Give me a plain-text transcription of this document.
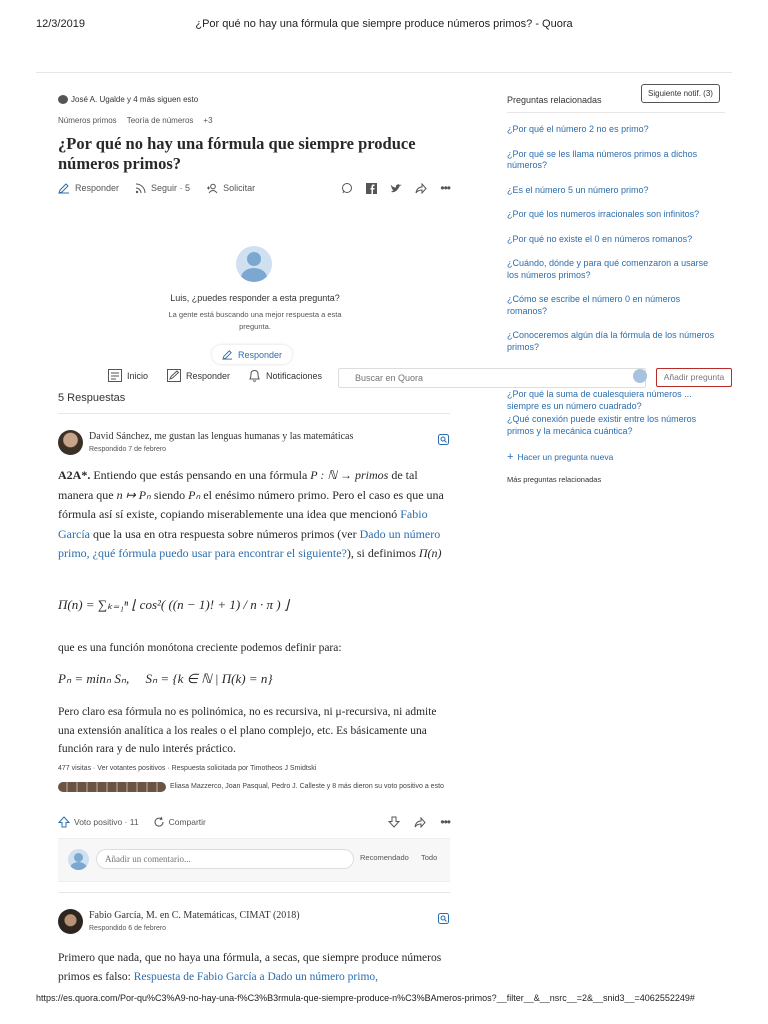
12/3/2019	¿Por qué no hay una fórmula que siempre produce números primos? - Quora
José A. Ugalde y 4 más siguen esto
Números primos Teoría de números +3
¿Por qué no hay una fórmula que siempre produce números primos?
Responder	Seguir · 5	Solicitar	•••
Luis, ¿puedes responder a esta pregunta?
La gente está buscando una mejor respuesta a esta pregunta.
Responder
Inicio	Responder	Notificaciones
Buscar en Quora	Añadir pregunta
5 Respuestas
David Sánchez, me gustan las lenguas humanas y las matemáticas
Respondido 7 de febrero
A2A*. Entiendo que estás pensando en una fórmula P : ℕ → primos de tal manera que n ↦ Pₙ siendo Pₙ el enésimo número primo. Pero el caso es que una fórmula así sí existe, copiando miserablemente una idea que mencionó Fabio García que la usa en otra respuesta sobre números primos (ver Dado un número primo, ¿qué fórmula puedo usar para encontrar el siguiente?), si definimos Π(n)
Π(n) = ∑ₖ₌₁ⁿ ⌊ cos²( ((n − 1)! + 1) / n · π ) ⌋
que es una función monótona creciente podemos definir para:
Pₙ = minₙ Sₙ,     Sₙ = {k ∈ ℕ | Π(k) = n}
Pero claro esa fórmula no es polinómica, no es recursiva, ni μ-recursiva, ni admite una extensión analítica a los reales o el plano complejo, etc. Es básicamente una función rara y de nulo interés práctico.
477 visitas · Ver votantes positivos · Respuesta solicitada por Timotheos J Smidtski
Eliasa Mazzerco, Joan Pasqual, Pedro J. Calleste y 8 más dieron su voto positivo a esto
Voto positivo · 11	Compartir	•••
Añadir un comentario...
Recomendado Todo
Fabio García, M. en C. Matemáticas, CIMAT (2018)
Respondido 6 de febrero
Primero que nada, que no haya una fórmula, a secas, que siempre produce números primos es falso: Respuesta de Fabio García a Dado un número primo,
Preguntas relacionadas
Siguiente notif. (3)
¿Por qué el número 2 no es primo?
¿Por qué se les llama números primos a dichos números?
¿Es el número 5 un número primo?
¿Por qué los numeros irracionales son infinitos?
¿Por qué no existe el 0 en números romanos?
¿Cuándo, dónde y para qué comenzaron a usarse los números primos?
¿Cómo se escribe el número 0 en números romanos?
¿Conoceremos algún día la fórmula de los números primos?
¿Por qué la suma de cualesquiera números ... siempre es un número cuadrado?
¿Qué conexión puede existir entre los números primos y la mecánica cuántica?
+ Hacer un pregunta nueva
Más preguntas relacionadas
https://es.quora.com/Por-qu%C3%A9-no-hay-una-f%C3%B3rmula-que-siempre-produce-n%C3%BAmeros-primos?__filter__&__nsrc__=2&__snid3__=4062552249#
